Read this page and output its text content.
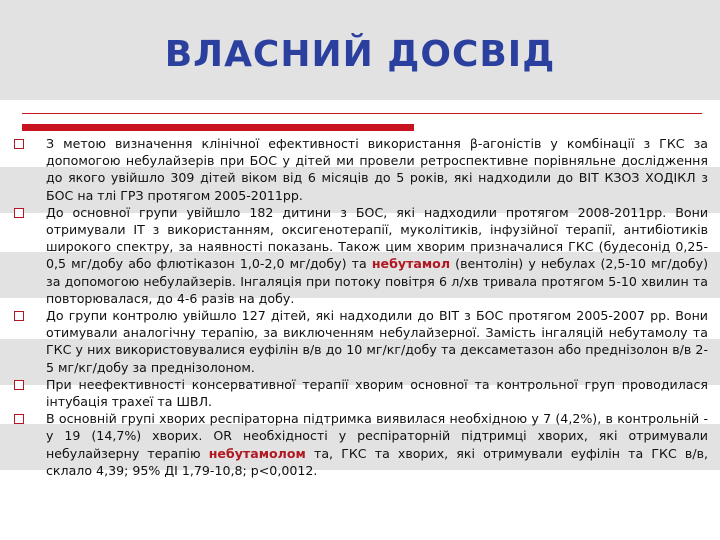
ВЛАСНИЙ ДОСВІД
З метою визначення клінічної ефективності використання β-агоністів у комбінації з ГКС за допомогою небулайзерів при БОС у дітей ми провели ретроспективне порівняльне дослідження до якого увійшло 309 дітей віком від 6 місяців до 5 років, які надходили до ВІТ КЗОЗ ХОДІКЛ з БОС на тлі ГРЗ протягом 2005-2011рр.
До основної групи увійшло 182 дитини з БОС, які надходили протягом 2008-2011рр. Вони отримували ІТ з використанням, оксигенотерапії, муколітиків, інфузійної терапії, антибіотиків широкого спектру, за наявності показань. Також цим хворим призначалися ГКС (будесонід 0,25-0,5 мг/добу або флютіказон 1,0-2,0 мг/добу) та небутамол (вентолін) у небулах (2,5-10 мг/добу) за допомогою небулайзерів. Інгаляція при потоку повітря 6 л/хв тривала протягом 5-10 хвилин та повторювалася, до 4-6 разів на добу.
До групи контролю увійшло 127 дітей, які надходили до ВІТ з БОС протягом 2005-2007 рр. Вони отимували аналогічну терапію, за виключенням небулайзерної. Замість інгаляцій небутамолу та ГКС у них використовувалися еуфілін в/в до 10 мг/кг/добу та дексаметазон або преднізолон в/в 2-5 мг/кг/добу за преднізолоном.
При неефективності консервативної терапії хворим основної та контрольної груп проводилася інтубація трахеї та ШВЛ.
В основній групі хворих респіраторна підтримка виявилася необхідною у 7 (4,2%), в контрольній - у 19 (14,7%) хворих. OR необхідності у респіраторній підтримці хворих, які отримували небулайзерну терапію небутамолом та, ГКС та хворих, які отримували еуфілін та ГКС в/в, склало 4,39; 95% ДІ 1,79-10,8; р<0,0012.
